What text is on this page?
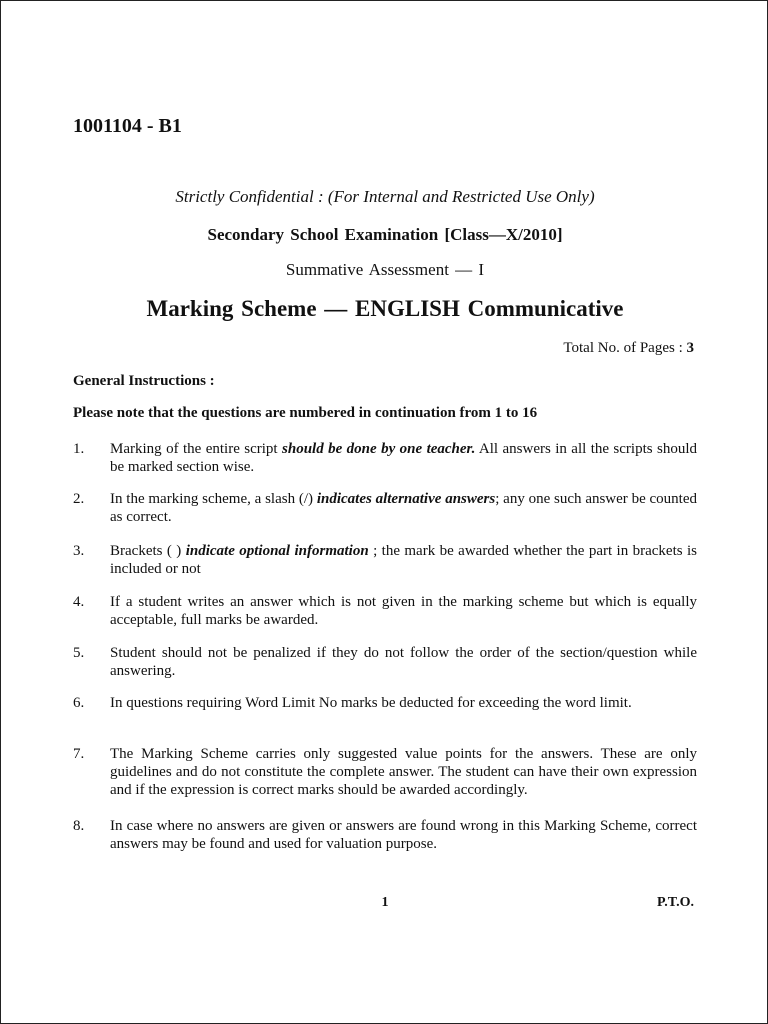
1001104 - B1
Strictly Confidential : (For Internal and Restricted Use Only)
Secondary School Examination [Class—X/2010]
Summative Assessment — I
Marking Scheme — ENGLISH Communicative
Total No. of Pages : 3
General Instructions :
Please note that the questions are numbered in continuation from 1 to 16
1. Marking of the entire script should be done by one teacher. All answers in all the scripts should be marked section wise.
2. In the marking scheme, a slash (/) indicates alternative answers; any one such answer be counted as correct.
3. Brackets ( ) indicate optional information ; the mark be awarded whether the part in brackets is included or not
4. If a student writes an answer which is not given in the marking scheme but which is equally acceptable, full marks be awarded.
5. Student should not be penalized if they do not follow the order of the section/question while answering.
6. In questions requiring Word Limit No marks be deducted for exceeding the word limit.
7. The Marking Scheme carries only suggested value points for the answers. These are only guidelines and do not constitute the complete answer. The student can have their own expression and if the expression is correct marks should be awarded accordingly.
8. In case where no answers are given or answers are found wrong in this Marking Scheme, correct answers may be found and used for valuation purpose.
1	P.T.O.
